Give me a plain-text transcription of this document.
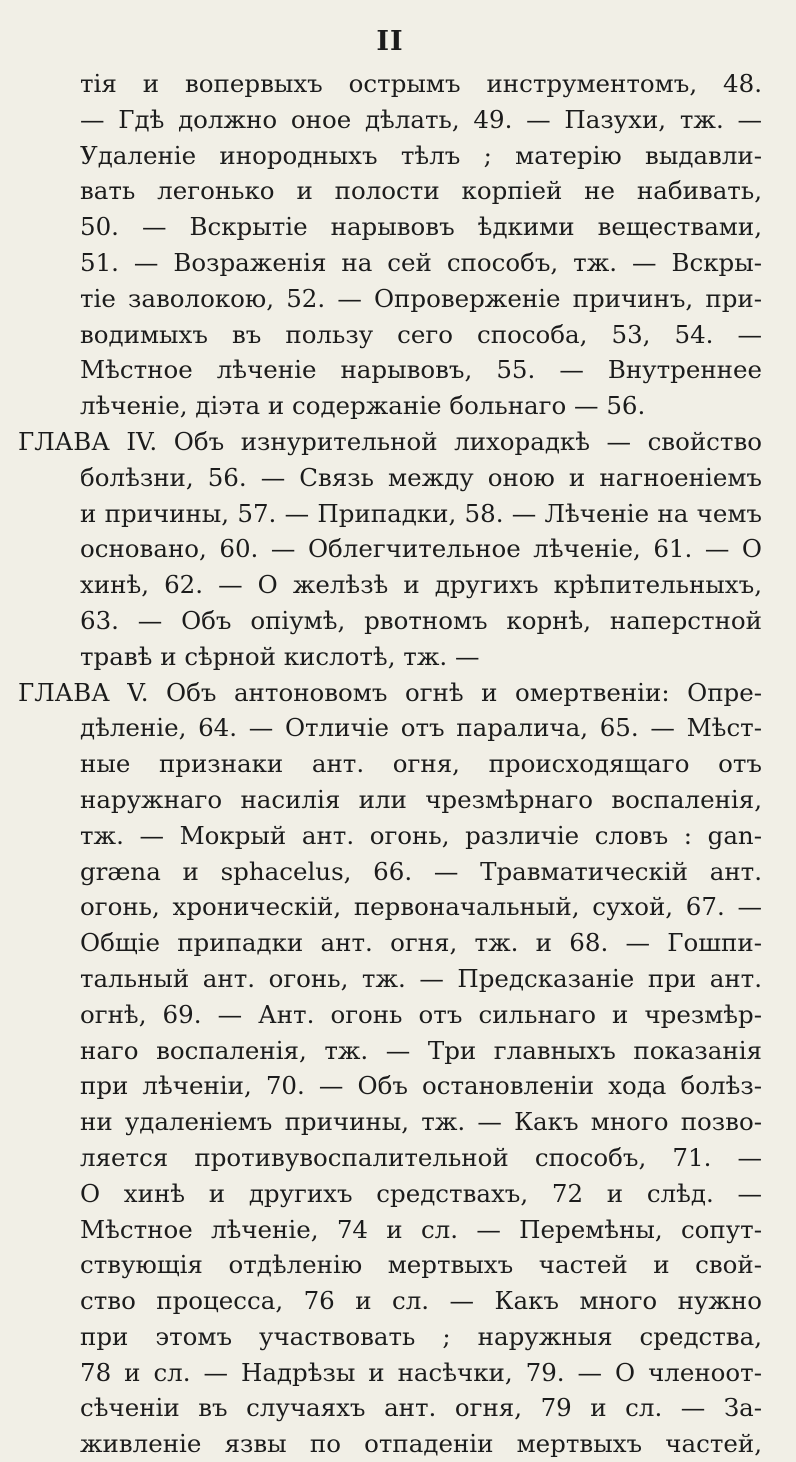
II
тія и вопервыхъ острымъ инструментомъ, 48.
— Гдѣ должно оное дѣлать, 49. — Пазухи, тж. —
Удаленіе инородныхъ тѣлъ ; матерію выдавли-
вать легонько и полости корпіей не набивать,
50. — Вскрытіе нарывовъ ѣдкими веществами,
51. — Возраженія на сей способъ, тж. — Вскры-
тіе заволокою, 52. — Опроверженіе причинъ, при-
водимыхъ въ пользу сего способа, 53, 54. —
Мѣстное лѣченіе нарывовъ, 55. — Внутреннее
лѣченіе, діэта и содержаніе больнаго — 56.
ГЛАВА IV. Объ изнурительной лихорадкѣ — свойство
болѣзни, 56. — Связь между оною и нагноеніемъ
и причины, 57. — Припадки, 58. — Лѣченіе на чемъ
основано, 60. — Облегчительное лѣченіе, 61. — О
хинѣ, 62. — О желѣзѣ и другихъ крѣпительныхъ,
63. — Объ опіумѣ, рвотномъ корнѣ, наперстной
травѣ и сѣрной кислотѣ, тж. —
ГЛАВА V. Объ антоновомъ огнѣ и омертвеніи: Опре-
дѣленіе, 64. — Отличіе отъ паралича, 65. — Мѣст-
ные признаки ант. огня, происходящаго отъ
наружнаго насилія или чрезмѣрнаго воспаленія,
тж. — Мокрый ант. огонь, различіе словъ : gan-
græna и sphacelus, 66. — Травматическій ант.
огонь, хроническій, первоначальный, сухой, 67. —
Общіе припадки ант. огня, тж. и 68. — Гошпи-
тальный ант. огонь, тж. — Предсказаніе при ант.
огнѣ, 69. — Ант. огонь отъ сильнаго и чрезмѣр-
наго воспаленія, тж. — Три главныхъ показанія
при лѣченіи, 70. — Объ остановленіи хода болѣз-
ни удаленіемъ причины, тж. — Какъ много позво-
ляется противувоспалительной способъ, 71. —
О хинѣ и другихъ средствахъ, 72 и слѣд. —
Мѣстное лѣченіе, 74 и сл. — Перемѣны, сопут-
ствующія отдѣленію мертвыхъ частей и свой-
ство процесса, 76 и сл. — Какъ много нужно
при этомъ участвовать ; наружныя средства,
78 и сл. — Надрѣзы и насѣчки, 79. — О членоот-
сѣченіи въ случаяхъ ант. огня, 79 и сл. — За-
живленіе язвы по отпаденіи мертвыхъ частей,
